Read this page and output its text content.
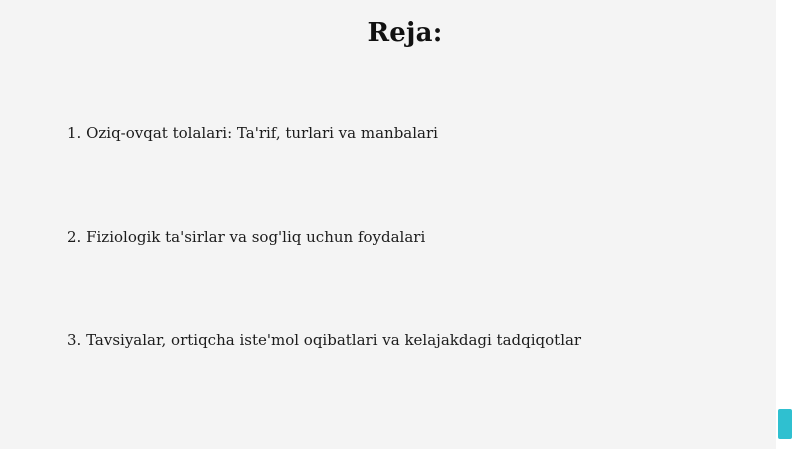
Reja:
1. Oziq-ovqat tolalari: Ta'rif, turlari va manbalari
2. Fiziologik ta'sirlar va sog'liq uchun foydalari
3. Tavsiyalar, ortiqcha iste'mol oqibatlari va kelajakdagi tadqiqotlar
